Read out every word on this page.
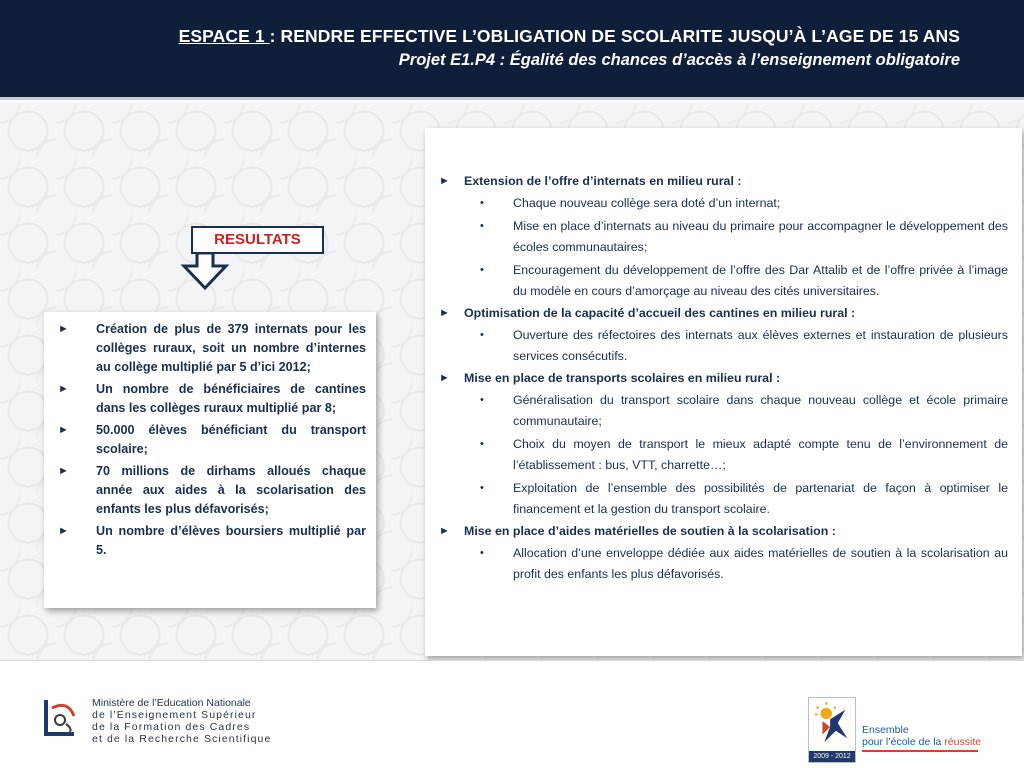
ESPACE 1 : RENDRE EFFECTIVE L’OBLIGATION DE SCOLARITE JUSQU’À L’AGE DE 15 ANS
Projet E1.P4 : Égalité des chances d’accès à l’enseignement obligatoire
RESULTATS
►	Création de plus de 379 internats pour les collèges ruraux, soit un nombre d’internes au collège multiplié par 5 d’ici 2012;
►	Un nombre de bénéficiaires de cantines dans les collèges ruraux multiplié par 8;
►	50.000 élèves bénéficiant du transport scolaire;
►	70 millions de dirhams alloués chaque année aux aides à la scolarisation des enfants les plus défavorisés;
►	Un nombre d’élèves boursiers multiplié par 5.
►	Extension de l’offre d’internats en milieu rural :
•	Chaque nouveau collège sera doté d’un internat;
•	Mise en place d’internats au niveau du primaire pour accompagner le développement des écoles communautaires;
•	Encouragement du développement de l’offre des Dar Attalib et de l’offre privée à l’image du modèle en cours d’amorçage au niveau des cités universitaires.
►	Optimisation de la capacité d’accueil des cantines en milieu rural :
•	Ouverture des réfectoires des internats aux élèves externes et instauration de plusieurs services consécutifs.
►	Mise en place de transports scolaires en milieu rural :
•	Généralisation du transport scolaire dans chaque nouveau collège et école primaire communautaire;
•	Choix du moyen de transport le mieux adapté compte tenu de l’environnement de l’établissement : bus, VTT, charrette…;
•	Exploitation de l’ensemble des possibilités de partenariat de façon à optimiser le financement et la gestion du transport scolaire.
►	Mise en place d’aides matérielles de soutien à la scolarisation :
•	Allocation d’une enveloppe dédiée aux aides matérielles de soutien à la scolarisation au profit des enfants les plus défavorisés.
Ministère de l’Education Nationale
de l’Enseignement Supérieur
de la Formation des Cadres
et de la Recherche Scientifique
2009 - 2012
Ensemble
pour l’école de la réussite
